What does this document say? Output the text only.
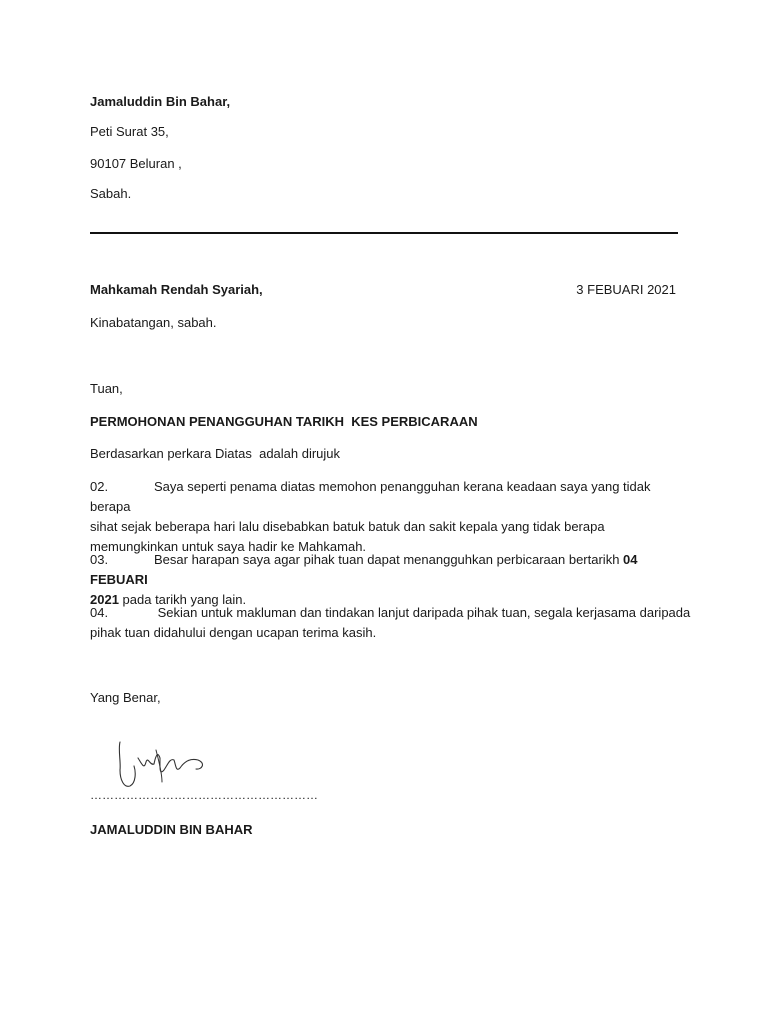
Jamaluddin Bin Bahar,
Peti Surat 35,
90107 Beluran ,
Sabah.
Mahkamah Rendah Syariah,	3 FEBUARI 2021
Kinabatangan, sabah.
Tuan,
PERMOHONAN PENANGGUHAN TARIKH  KES PERBICARAAN
Berdasarkan perkara Diatas  adalah dirujuk
02.	Saya seperti penama diatas memohon penangguhan kerana keadaan saya yang tidak berapa
sihat sejak beberapa hari lalu disebabkan batuk batuk dan sakit kepala yang tidak berapa
memungkinkan untuk saya hadir ke Mahkamah.
03.	Besar harapan saya agar pihak tuan dapat menangguhkan perbicaraan bertarikh 04 FEBUARI
2021 pada tarikh yang lain.
04.	Sekian untuk makluman dan tindakan lanjut daripada pihak tuan, segala kerjasama daripada
pihak tuan didahului dengan ucapan terima kasih.
Yang Benar,
…………………………………………………
JAMALUDDIN BIN BAHAR
